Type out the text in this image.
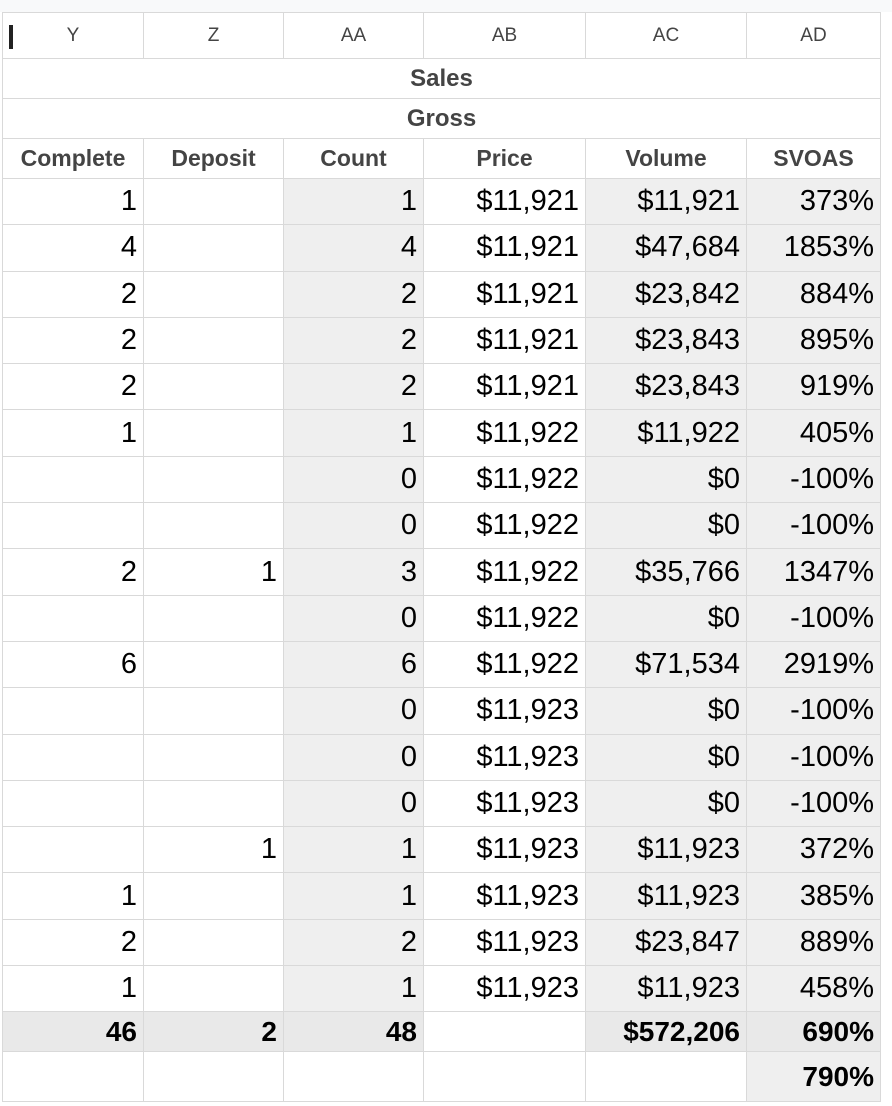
Y	Z	AA	AB	AC	AD
Sales					
Gross					
Complete	Deposit	Count	Price	Volume	SVOAS
1		1	$11,921	$11,921	373%
4		4	$11,921	$47,684	1853%
2		2	$11,921	$23,842	884%
2		2	$11,921	$23,843	895%
2		2	$11,921	$23,843	919%
1		1	$11,922	$11,922	405%
		0	$11,922	$0	-100%
		0	$11,922	$0	-100%
2	1	3	$11,922	$35,766	1347%
		0	$11,922	$0	-100%
6		6	$11,922	$71,534	2919%
		0	$11,923	$0	-100%
		0	$11,923	$0	-100%
		0	$11,923	$0	-100%
	1	1	$11,923	$11,923	372%
1		1	$11,923	$11,923	385%
2		2	$11,923	$23,847	889%
1		1	$11,923	$11,923	458%
46	2	48		$572,206	690%
					790%
